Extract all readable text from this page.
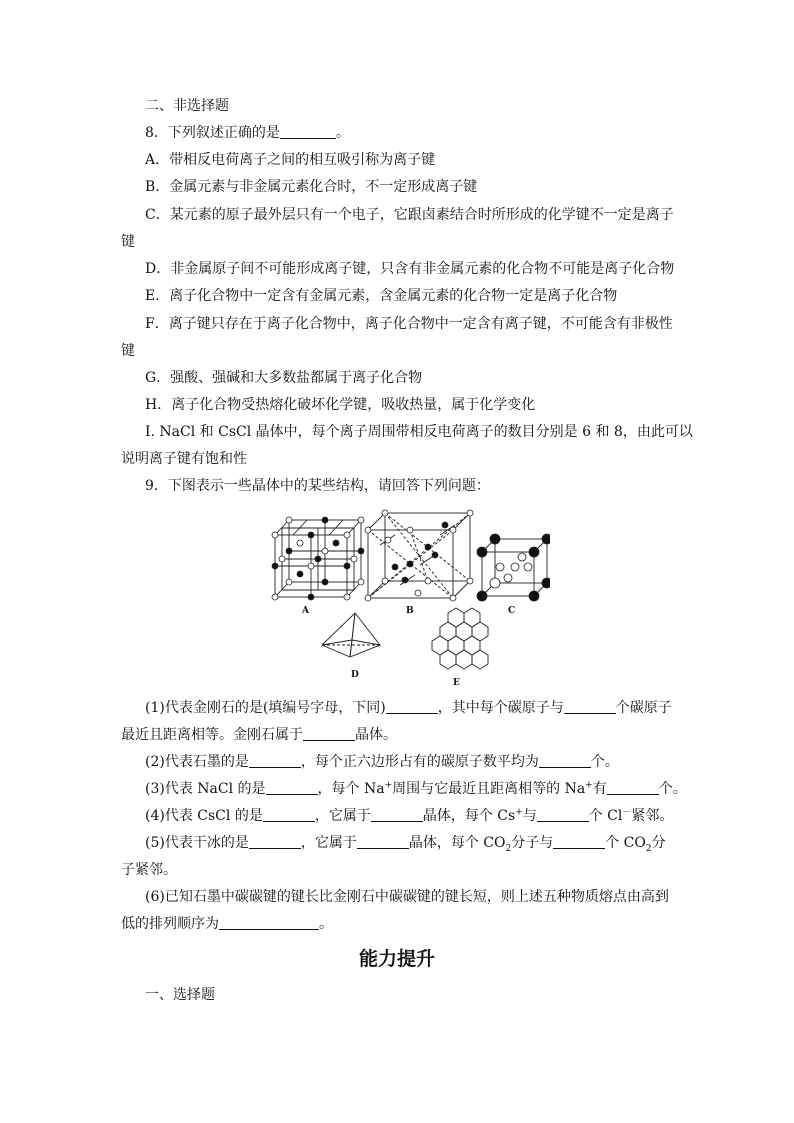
二、非选择题
8．下列叙述正确的是	。
A．带相反电荷离子之间的相互吸引称为离子键
B．金属元素与非金属元素化合时，不一定形成离子键
C．某元素的原子最外层只有一个电子，它跟卤素结合时所形成的化学键不一定是离子
键
D．非金属原子间不可能形成离子键，只含有非金属元素的化合物不可能是离子化合物
E．离子化合物中一定含有金属元素，含金属元素的化合物一定是离子化合物
F．离子键只存在于离子化合物中，离子化合物中一定含有离子键，不可能含有非极性
键
G．强酸、强碱和大多数盐都属于离子化合物
H．离子化合物受热熔化破坏化学键，吸收热量，属于化学变化
I. NaCl 和 CsCl 晶体中，每个离子周围带相反电荷离子的数目分别是 6 和 8，由此可以
说明离子键有饱和性
9．下图表示一些晶体中的某些结构，请回答下列问题：
A	B	C
D
E
(1)代表金刚石的是(填编号字母，下同)	，其中每个碳原子与	个碳原子
最近且距离相等。金刚石属于	晶体。
(2)代表石墨的是	，每个正六边形占有的碳原子数平均为	个。
(3)代表 NaCl 的是	，每个 Na+周围与它最近且距离相等的 Na+有	个。
(4)代表 CsCl 的是	，它属于	晶体，每个 Cs+与	个 Cl－紧邻。
(5)代表干冰的是	，它属于	晶体，每个 $CO_2$分子与	个 $CO_2$分
子紧邻。
(6)已知石墨中碳碳键的键长比金刚石中碳碳键的键长短，则上述五种物质熔点由高到
低的排列顺序为	。
能力提升
一、选择题
